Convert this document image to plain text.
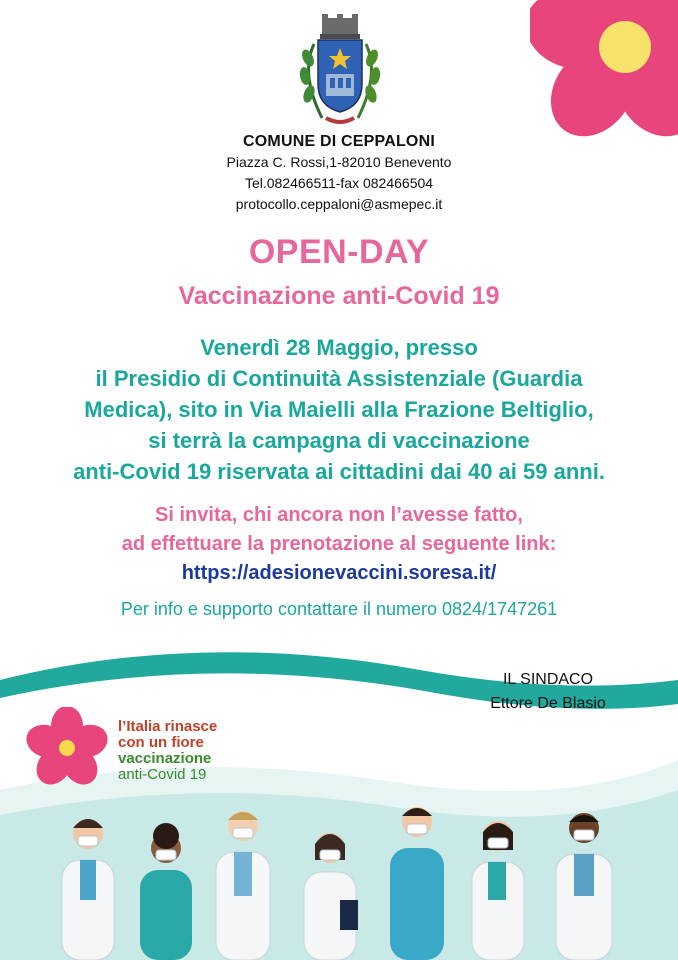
COMUNE DI CEPPALONI
Piazza C. Rossi,1-82010 Benevento
Tel.082466511-fax 082466504
protocollo.ceppaloni@asmepec.it
OPEN-DAY
Vaccinazione anti-Covid 19
Venerdì 28 Maggio, presso
il Presidio di Continuità Assistenziale (Guardia
Medica), sito in Via Maielli alla Frazione Beltiglio,
si terrà la campagna di vaccinazione
anti-Covid 19 riservata ai cittadini dai 40 ai 59 anni.
Si invita, chi ancora non l’avesse fatto,
ad effettuare la prenotazione al seguente link:
https://adesionevaccini.soresa.it/
Per info e supporto contattare il numero 0824/1747261
IL SINDACO
Ettore De Blasio
l’Italia rinasce
con un fiore
vaccinazione
anti-Covid 19
